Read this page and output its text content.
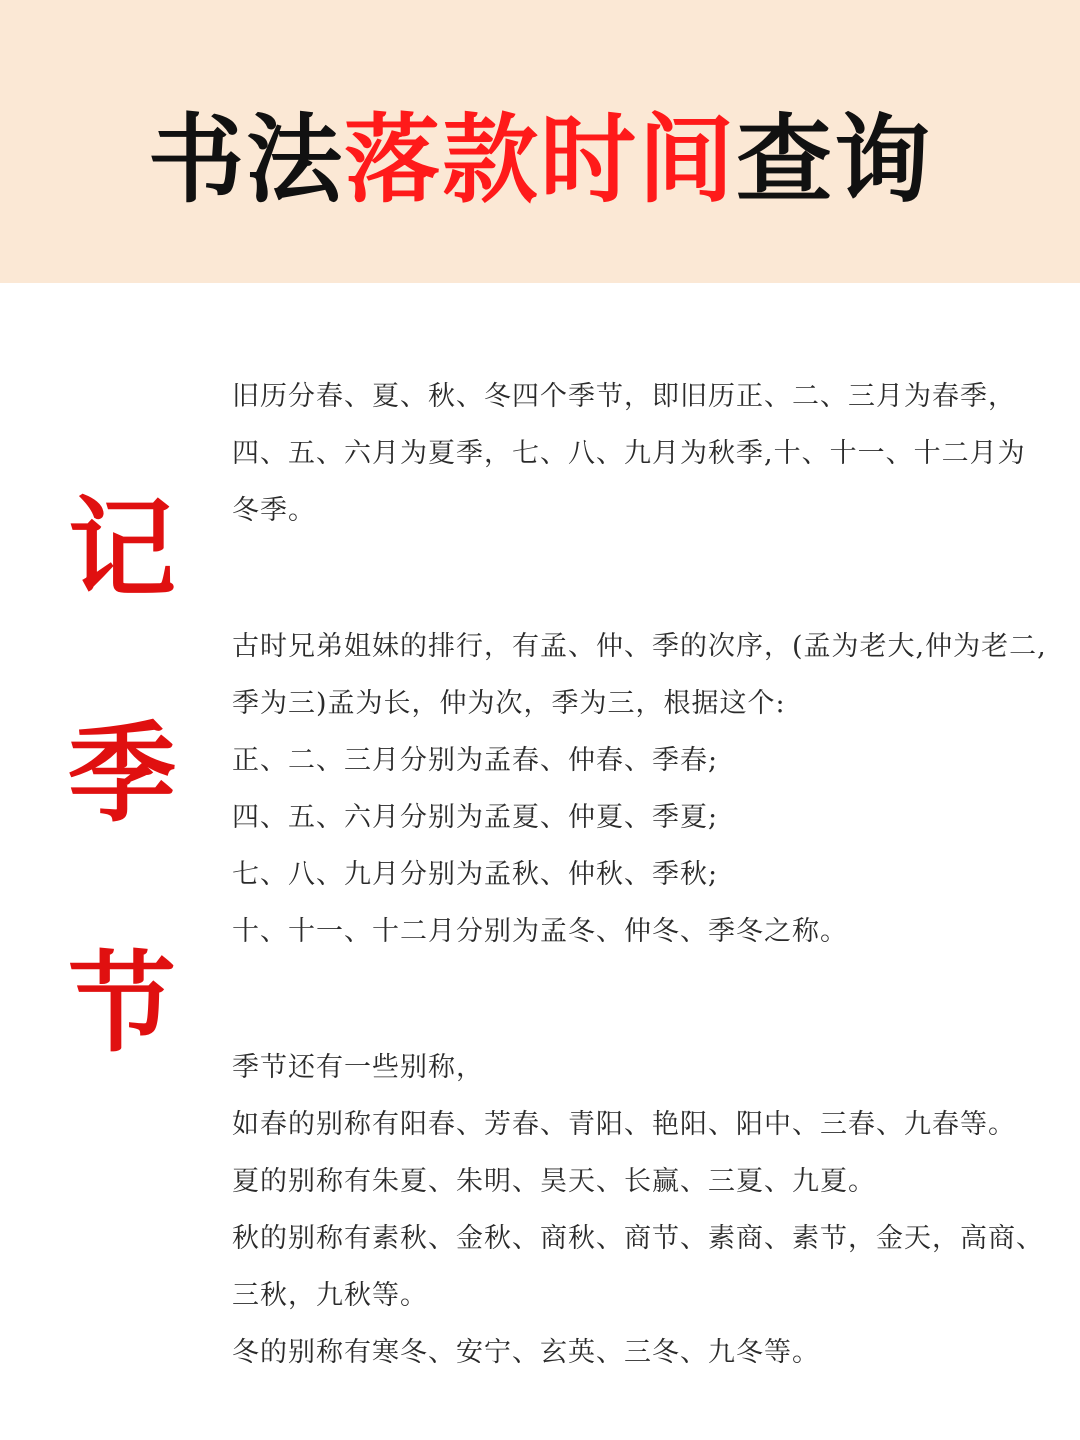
书法落款时间查询
记
季
节
旧历分春、夏、秋、冬四个季节，即旧历正、二、三月为春季，
四、五、六月为夏季，七、八、九月为秋季,十、十一、十二月为
冬季。
古时兄弟姐妹的排行，有孟、仲、季的次序，(孟为老大,仲为老二,
季为三)孟为长，仲为次，季为三，根据这个:
正、二、三月分别为孟春、仲春、季春;
四、五、六月分别为孟夏、仲夏、季夏;
七、八、九月分别为孟秋、仲秋、季秋;
十、十一、十二月分别为孟冬、仲冬、季冬之称。
季节还有一些别称，
如春的别称有阳春、芳春、青阳、艳阳、阳中、三春、九春等。
夏的别称有朱夏、朱明、昊天、长赢、三夏、九夏。
秋的别称有素秋、金秋、商秋、商节、素商、素节，金天，高商、
三秋，九秋等。
冬的别称有寒冬、安宁、玄英、三冬、九冬等。
